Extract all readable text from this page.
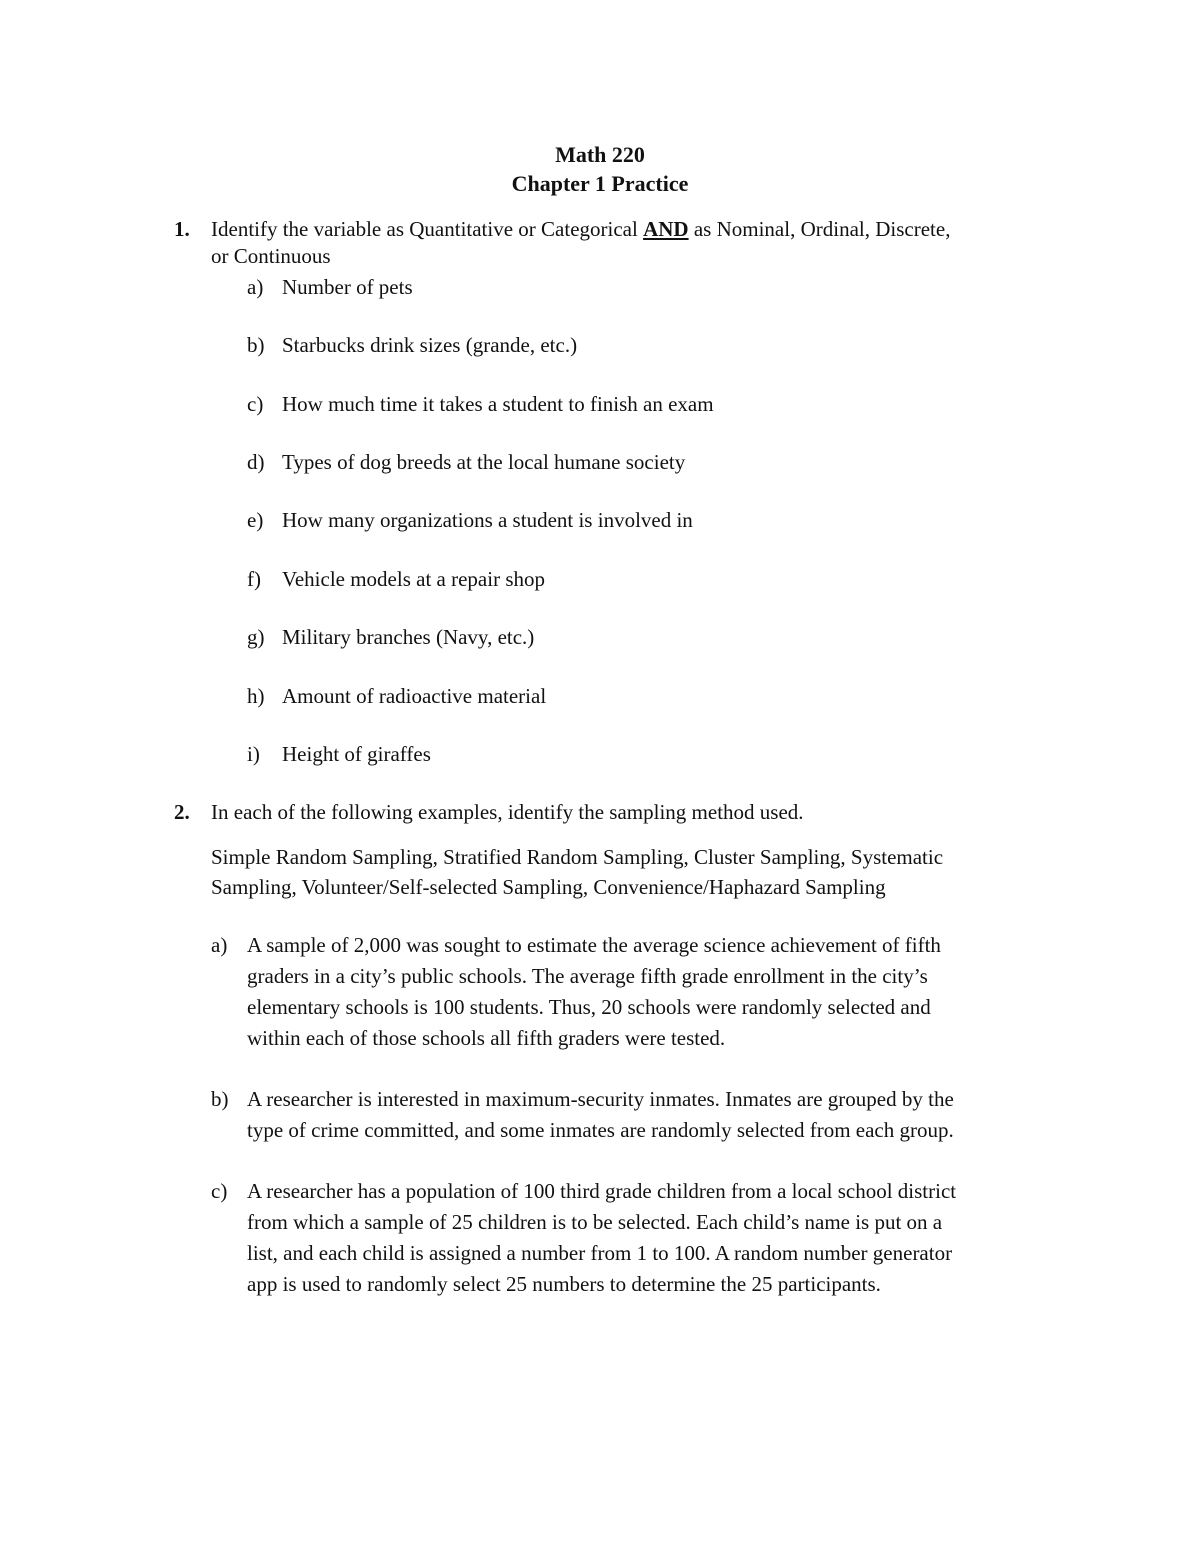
Math 220
Chapter 1 Practice
1. Identify the variable as Quantitative or Categorical AND as Nominal, Ordinal, Discrete,
or Continuous
a) Number of pets
b) Starbucks drink sizes (grande, etc.)
c) How much time it takes a student to finish an exam
d) Types of dog breeds at the local humane society
e) How many organizations a student is involved in
f) Vehicle models at a repair shop
g) Military branches (Navy, etc.)
h) Amount of radioactive material
i) Height of giraffes
2. In each of the following examples, identify the sampling method used.
Simple Random Sampling, Stratified Random Sampling, Cluster Sampling, Systematic
Sampling, Volunteer/Self-selected Sampling, Convenience/Haphazard Sampling
a) A sample of 2,000 was sought to estimate the average science achievement of fifth
graders in a city’s public schools. The average fifth grade enrollment in the city’s
elementary schools is 100 students. Thus, 20 schools were randomly selected and
within each of those schools all fifth graders were tested.
b) A researcher is interested in maximum-security inmates. Inmates are grouped by the
type of crime committed, and some inmates are randomly selected from each group.
c) A researcher has a population of 100 third grade children from a local school district
from which a sample of 25 children is to be selected. Each child’s name is put on a
list, and each child is assigned a number from 1 to 100. A random number generator
app is used to randomly select 25 numbers to determine the 25 participants.
